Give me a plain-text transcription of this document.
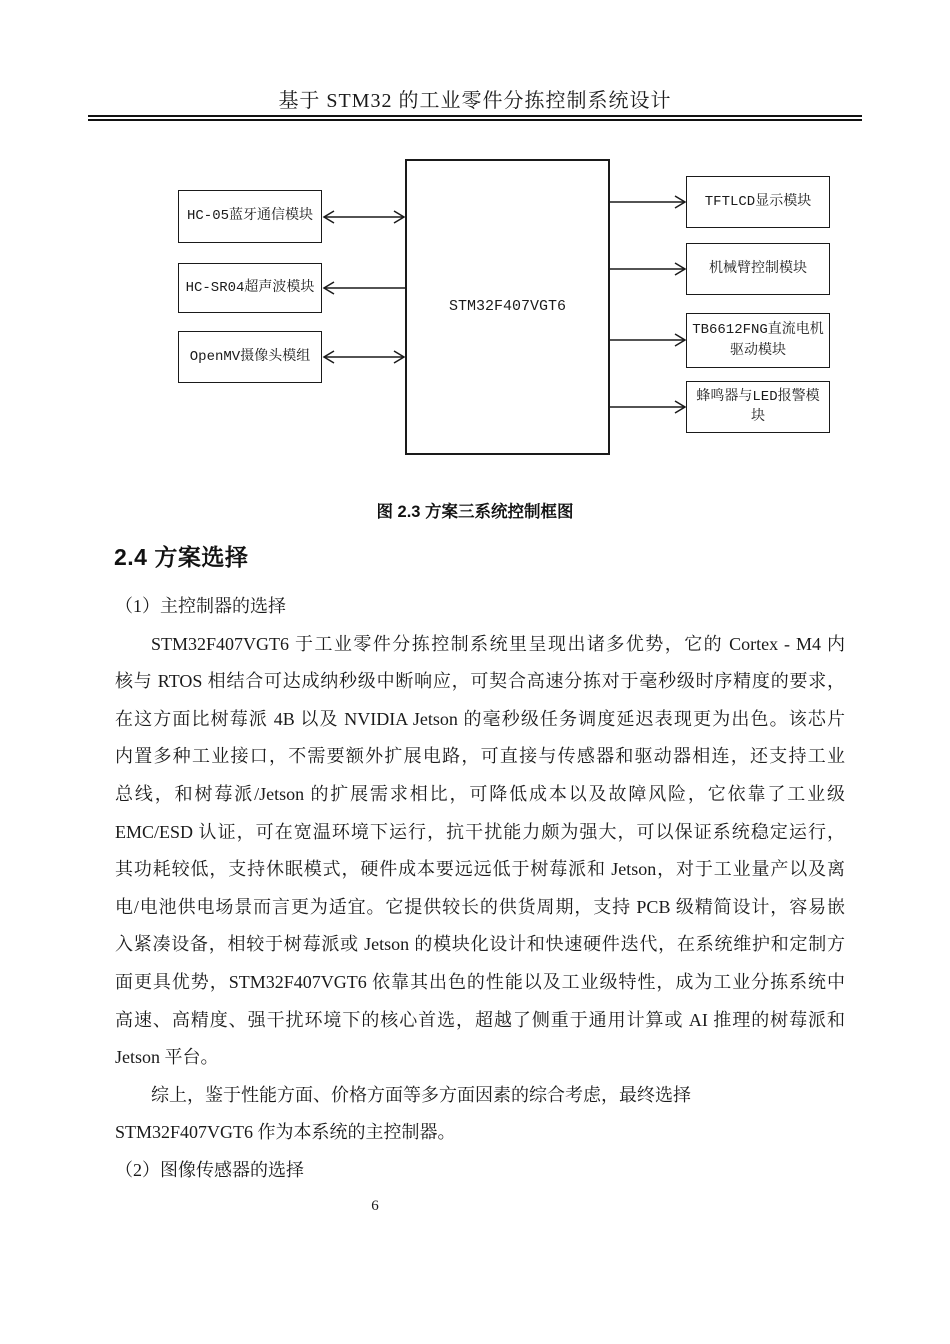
基于 STM32 的工业零件分拣控制系统设计
STM32F407VGT6
HC-05蓝牙通信模块
HC-SR04超声波模块
OpenMV摄像头模组
TFTLCD显示模块
机械臂控制模块
TB6612FNG直流电机驱动模块
蜂鸣器与LED报警模块
图 2.3 方案三系统控制框图
2.4 方案选择
（1）主控制器的选择
STM32F407VGT6 于工业零件分拣控制系统里呈现出诸多优势，它的 Cortex - M4 内
核与 RTOS 相结合可达成纳秒级中断响应，可契合高速分拣对于毫秒级时序精度的要求，
在这方面比树莓派 4B 以及 NVIDIA Jetson 的毫秒级任务调度延迟表现更为出色。该芯片
内置多种工业接口，不需要额外扩展电路，可直接与传感器和驱动器相连，还支持工业
总线，和树莓派/Jetson 的扩展需求相比，可降低成本以及故障风险，它依靠了工业级
EMC/ESD 认证，可在宽温环境下运行，抗干扰能力颇为强大，可以保证系统稳定运行，
其功耗较低，支持休眠模式，硬件成本要远远低于树莓派和 Jetson，对于工业量产以及离
电/电池供电场景而言更为适宜。它提供较长的供货周期，支持 PCB 级精简设计，容易嵌
入紧凑设备，相较于树莓派或 Jetson 的模块化设计和快速硬件迭代，在系统维护和定制方
面更具优势，STM32F407VGT6 依靠其出色的性能以及工业级特性，成为工业分拣系统中
高速、高精度、强干扰环境下的核心首选，超越了侧重于通用计算或 AI 推理的树莓派和
Jetson 平台。
综上，鉴于性能方面、价格方面等多方面因素的综合考虑，最终选择
STM32F407VGT6 作为本系统的主控制器。
（2）图像传感器的选择
6
